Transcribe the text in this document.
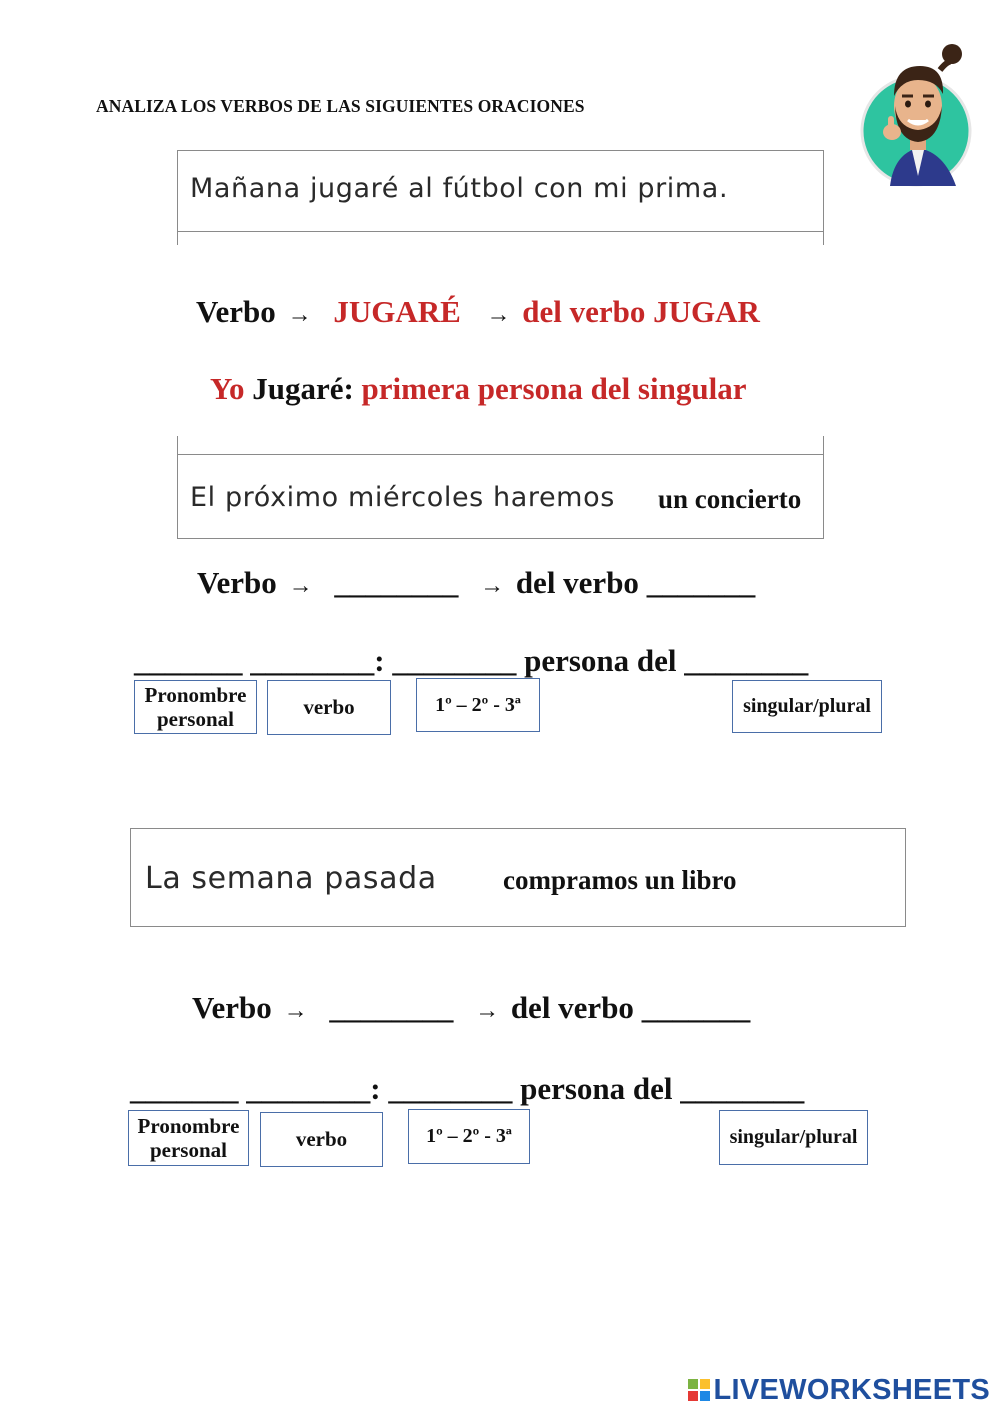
ANALIZA LOS VERBOS DE LAS SIGUIENTES ORACIONES
Mañana jugaré al fútbol con mi prima.
Verbo → JUGARÉ → del verbo JUGAR
Yo Jugaré: primera persona del singular
El próximo miércoles haremos un concierto
Verbo → ________ → del verbo _______
_______ ________: ________ persona del ________
Pronombre personal	verbo	1º – 2º - 3ª	singular/plural
La semana pasada compramos un libro
Verbo → ________ → del verbo _______
_______ ________: ________ persona del ________
Pronombre personal	verbo	1º – 2º - 3ª	singular/plural
LIVEWORKSHEETS
